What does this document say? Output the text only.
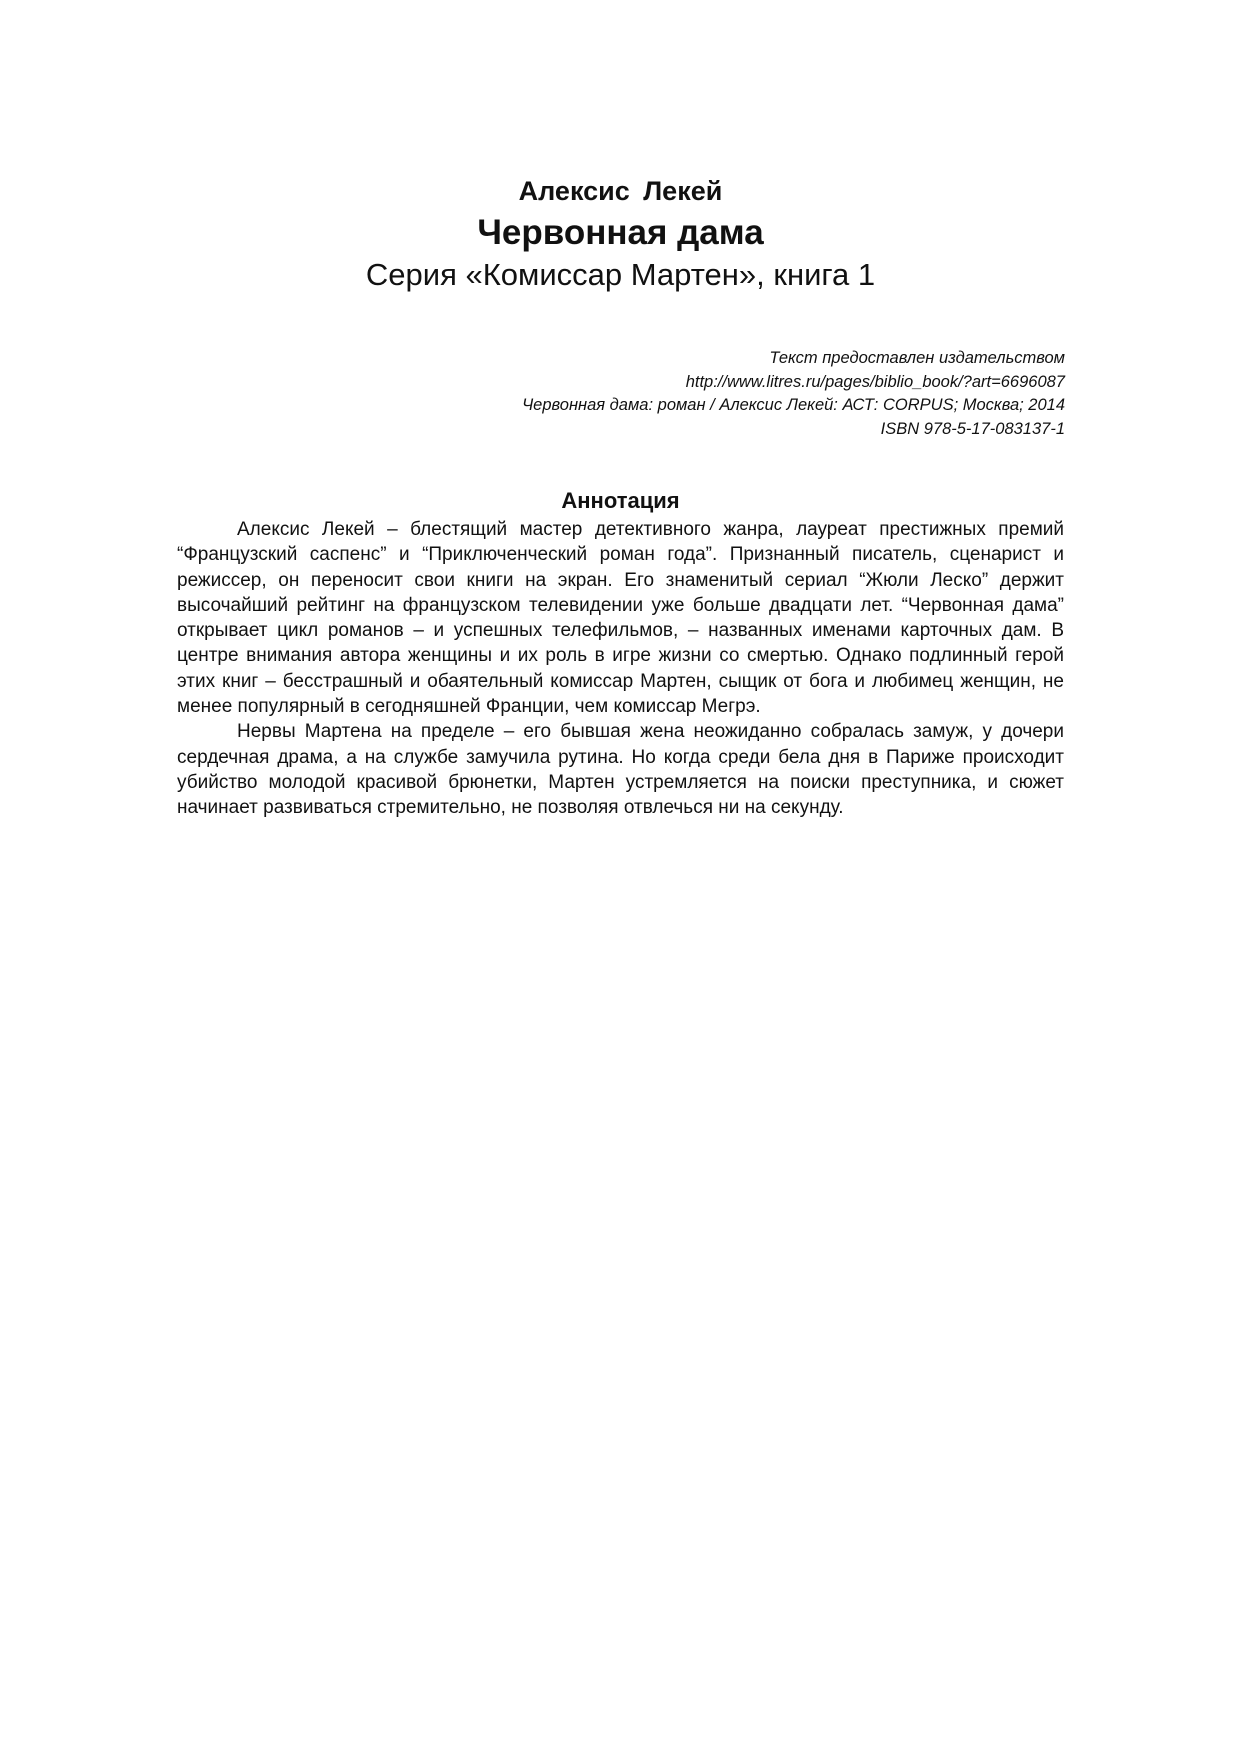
Алексис Лекей
Червонная дама
Серия «Комиссар Мартен», книга 1
Текст предоставлен издательством
http://www.litres.ru/pages/biblio_book/?art=6696087
Червонная дама: роман / Алексис Лекей: АСТ: CORPUS; Москва; 2014
ISBN 978-5-17-083137-1
Аннотация

Алексис Лекей – блестящий мастер детективного жанра, лауреат престижных премий “Французский саспенс” и “Приключенческий роман года”. Признанный писатель, сценарист и режиссер, он переносит свои книги на экран. Его знаменитый сериал “Жюли Леско” держит высочайший рейтинг на французском телевидении уже больше двадцати лет. “Червонная дама” открывает цикл романов – и успешных телефильмов, – названных именами карточных дам. В центре внимания автора женщины и их роль в игре жизни со смертью. Однако подлинный герой этих книг – бесстрашный и обаятельный комиссар Мартен, сыщик от бога и любимец женщин, не менее популярный в сегодняшней Франции, чем комиссар Мегрэ.

Нервы Мартена на пределе – его бывшая жена неожиданно собралась замуж, у дочери сердечная драма, а на службе замучила рутина. Но когда среди бела дня в Париже происходит убийство молодой красивой брюнетки, Мартен устремляется на поиски преступника, и сюжет начинает развиваться стремительно, не позволяя отвлечься ни на секунду.
